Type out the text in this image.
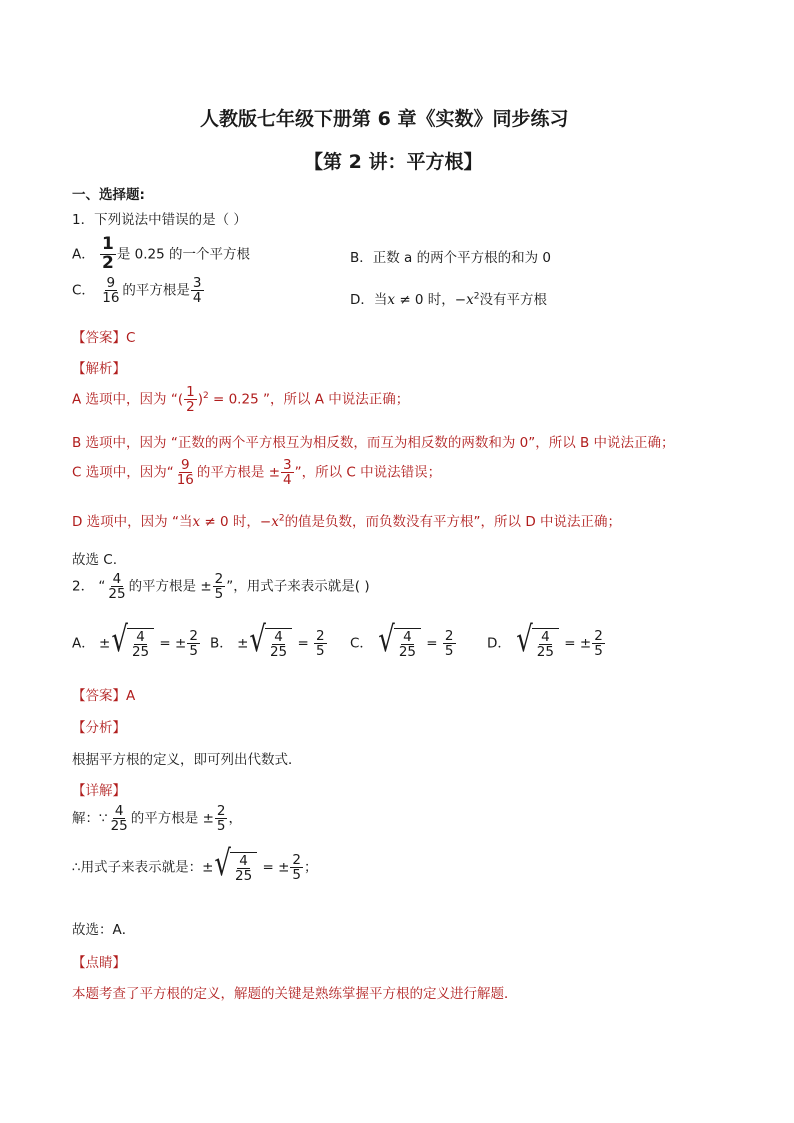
人教版七年级下册第 6 章《实数》同步练习
【第 2 讲：平方根】
一、选择题:
1．下列说法中错误的是（ ）
A． $\frac{1}{2}$ 是 0.25 的一个平方根	B．正数 a 的两个平方根的和为 0
C． $\frac{9}{16}$ 的平方根是 $\frac{3}{4}$	D．当x ≠ 0 时，$-x^2$没有平方根
【答案】C
【解析】
A 选项中，因为 “( $\frac{1}{2} )^2 = 0.25$ ”，所以 A 中说法正确；
B 选项中，因为 “正数的两个平方根互为相反数，而互为相反数的两数和为 0”，所以 B 中说法正确；
C 选项中，因为“ $\frac{9}{16}$ 的平方根是 ± $\frac{3}{4}$ ”，所以 C 中说法错误；
D 选项中，因为 “当x ≠ 0 时，$-x^2$的值是负数，而负数没有平方根”，所以 D 中说法正确；
故选 C.
2． “ $\frac{4}{25}$ 的平方根是 ± $\frac{2}{5}$ ”，用式子来表示就是( )
A． ± √ $\frac{4}{25}$ = ± $\frac{2}{5}$ B． ± √ $\frac{4}{25} = \frac{2}{5}$ C． √ $\frac{4}{25} = \frac{2}{5}$ D． √ $\frac{4}{25}$ = ± $\frac{2}{5}$
【答案】A
【分析】
根据平方根的定义，即可列出代数式．
【详解】
解：∵ $\frac{4}{25}$ 的平方根是 ± $\frac{2}{5}$ ，
∴用式子来表示就是：± √ $\frac{4}{25}$ = ± $\frac{2}{5}$ ；
故选：A．
【点睛】
本题考查了平方根的定义，解题的关键是熟练掌握平方根的定义进行解题．
